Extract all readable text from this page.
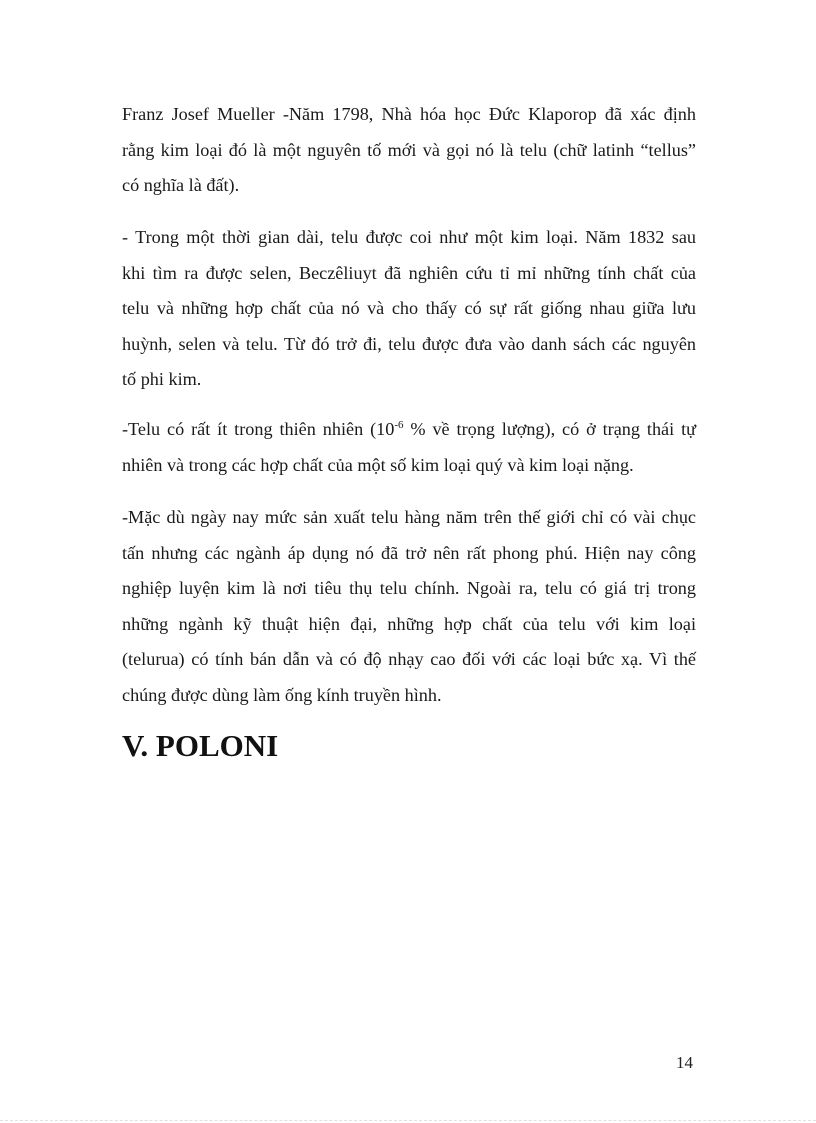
Franz Josef Mueller -Năm 1798, Nhà hóa học Đức Klaporop đã xác định
rằng kim loại đó là một nguyên tố mới và gọi nó là telu (chữ latinh “tellus”
có nghĩa là đất).
- Trong một thời gian dài, telu được coi như một kim loại. Năm 1832 sau
khi tìm ra được selen, Beczêliuyt đã nghiên cứu tỉ mỉ những tính chất của
telu và những hợp chất của nó và cho thấy có sự rất giống nhau giữa lưu
huỳnh, selen và telu. Từ đó trở đi, telu được đưa vào danh sách các nguyên
tố phi kim.
-Telu có rất ít trong thiên nhiên ($10^{-6}$ % về trọng lượng), có ở trạng thái tự
nhiên và trong các hợp chất của một số kim loại quý và kim loại nặng.
-Mặc dù ngày nay mức sản xuất telu hàng năm trên thế giới chỉ có vài chục
tấn nhưng các ngành áp dụng nó đã trở nên rất phong phú. Hiện nay công
nghiệp luyện kim là nơi tiêu thụ telu chính. Ngoài ra, telu có giá trị trong
những ngành kỹ thuật hiện đại, những hợp chất của telu với kim loại
(telurua) có tính bán dẫn và có độ nhạy cao đối với các loại bức xạ. Vì thế
chúng được dùng làm ống kính truyền hình.
V. POLONI
14
